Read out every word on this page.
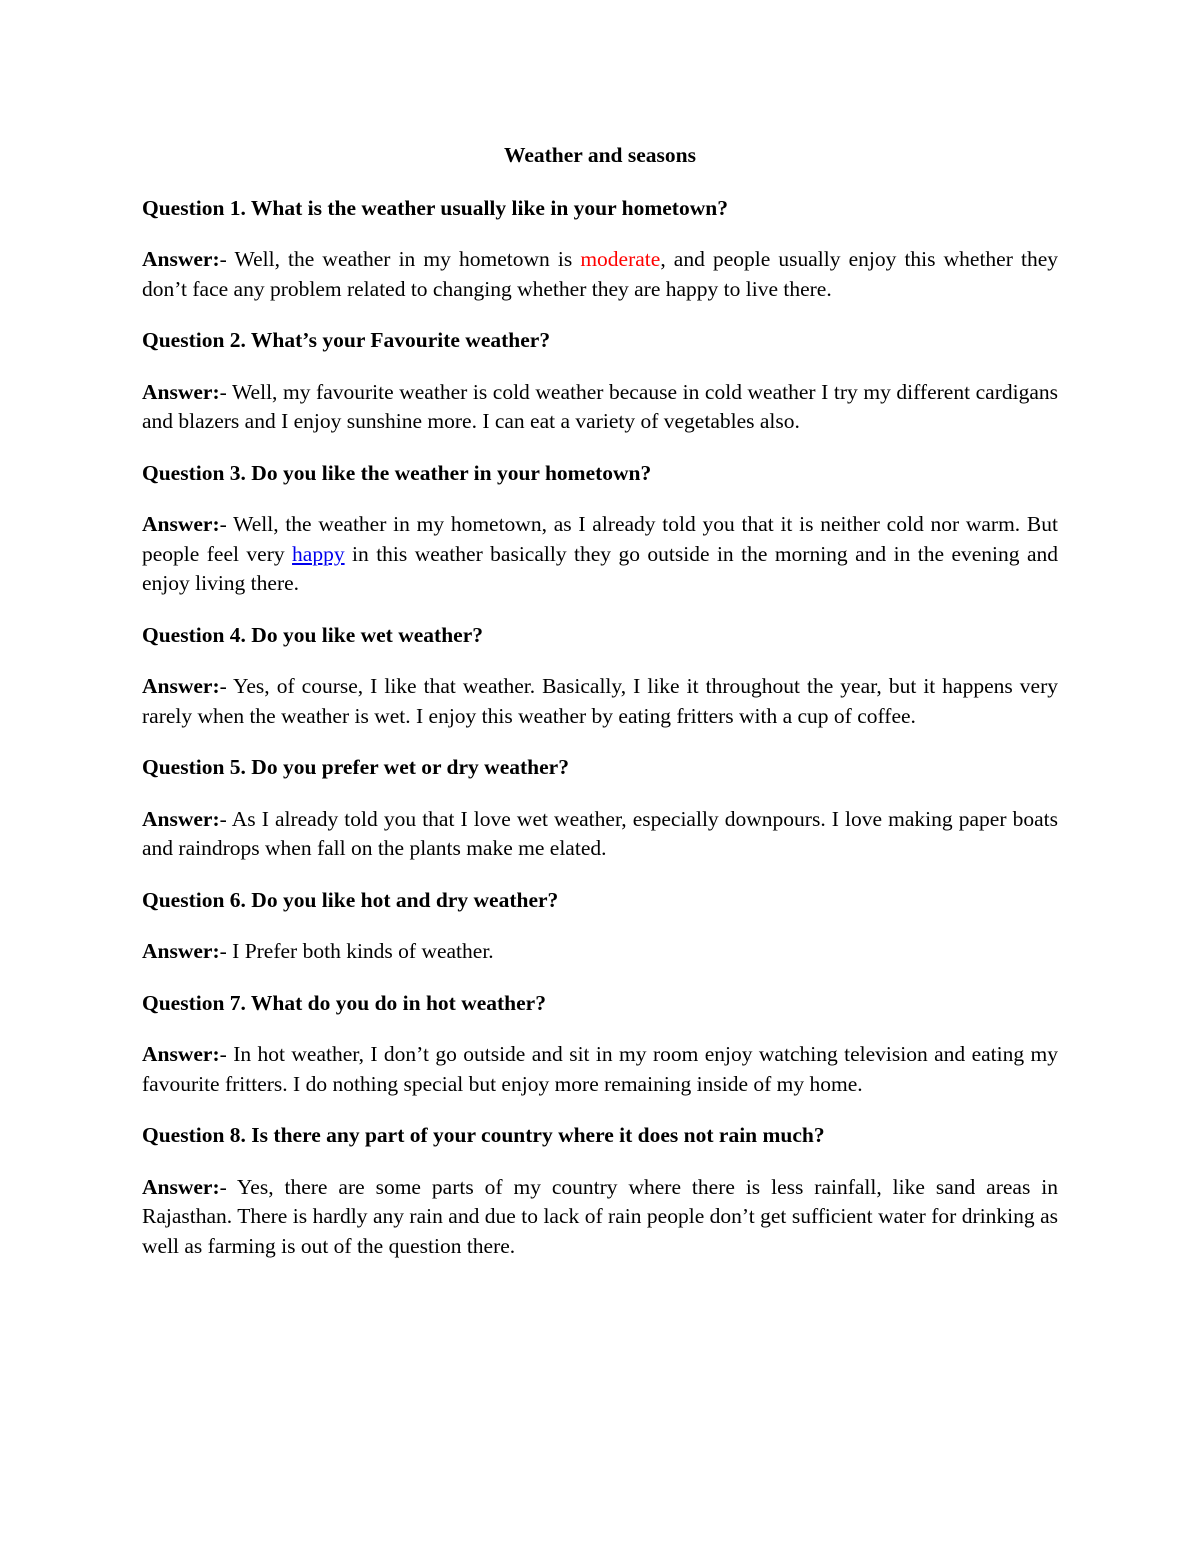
Weather and seasons

Question 1. What is the weather usually like in your hometown?

Answer:- Well, the weather in my hometown is moderate, and people usually enjoy this whether they don’t face any problem related to changing whether they are happy to live there.

Question 2. What’s your Favourite weather?

Answer:- Well, my favourite weather is cold weather because in cold weather I try my different cardigans and blazers and I enjoy sunshine more. I can eat a variety of vegetables also.

Question 3. Do you like the weather in your hometown?

Answer:- Well, the weather in my hometown, as I already told you that it is neither cold nor warm. But people feel very happy in this weather basically they go outside in the morning and in the evening and enjoy living there.

Question 4. Do you like wet weather?

Answer:- Yes, of course, I like that weather. Basically, I like it throughout the year, but it happens very rarely when the weather is wet. I enjoy this weather by eating fritters with a cup of coffee.

Question 5. Do you prefer wet or dry weather?

Answer:- As I already told you that I love wet weather, especially downpours. I love making paper boats and raindrops when fall on the plants make me elated.

Question 6. Do you like hot and dry weather?

Answer:- I Prefer both kinds of weather.

Question 7. What do you do in hot weather?

Answer:- In hot weather, I don’t go outside and sit in my room enjoy watching television and eating my favourite fritters. I do nothing special but enjoy more remaining inside of my home.

Question 8. Is there any part of your country where it does not rain much?

Answer:- Yes, there are some parts of my country where there is less rainfall, like sand areas in Rajasthan. There is hardly any rain and due to lack of rain people don’t get sufficient water for drinking as well as farming is out of the question there.
